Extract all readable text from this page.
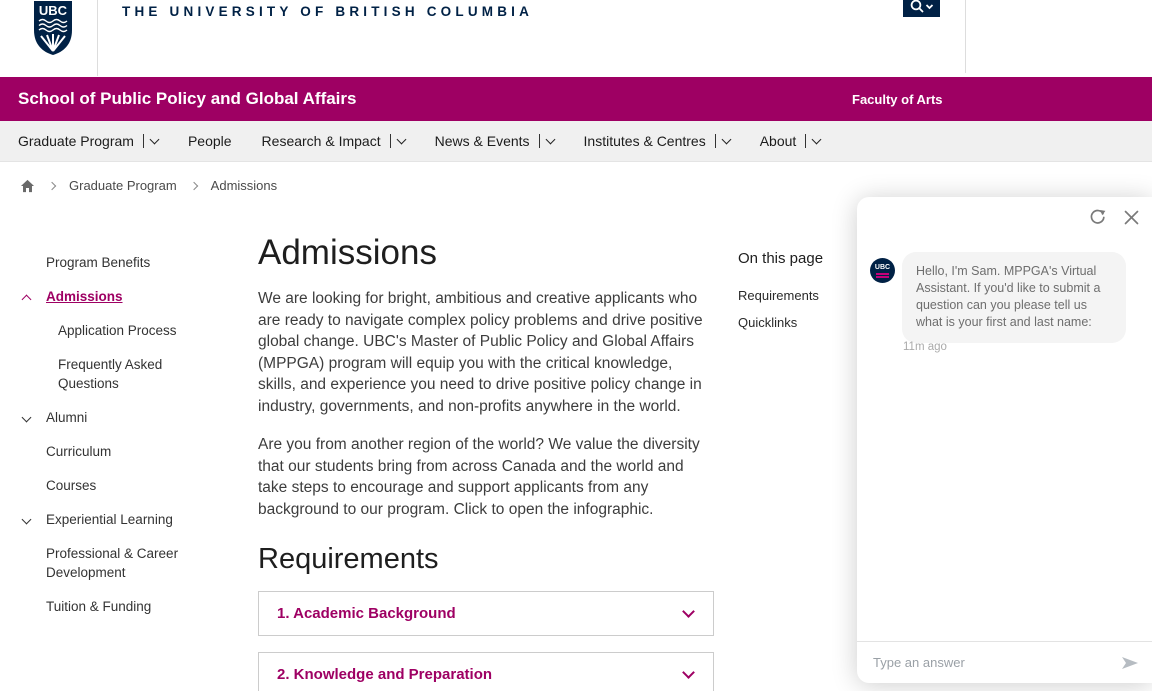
UBC	THE UNIVERSITY OF BRITISH COLUMBIA
School of Public Policy and Global Affairs	Faculty of Arts
Graduate Program	People Research & Impact	News & Events	Institutes & Centres	About
Graduate Program	Admissions
Program Benefits
Admissions
Application Process
Frequently Asked Questions
Alumni
Curriculum
Courses
Experiential Learning
Professional & Career Development
Tuition & Funding
Admissions
We are looking for bright, ambitious and creative applicants who are ready to navigate complex policy problems and drive positive global change. UBC's Master of Public Policy and Global Affairs (MPPGA) program will equip you with the critical knowledge, skills, and experience you need to drive positive policy change in industry, governments, and non-profits anywhere in the world.
Are you from another region of the world? We value the diversity that our students bring from across Canada and the world and take steps to encourage and support applicants from any background to our program. Click to open the infographic.
Requirements
1. Academic Background
2. Knowledge and Preparation
On this page
Requirements
Quicklinks
UBC	Hello, I'm Sam. MPPGA's Virtual Assistant. If you'd like to submit a question can you please tell us what is your first and last name:
11m ago
Type an answer
